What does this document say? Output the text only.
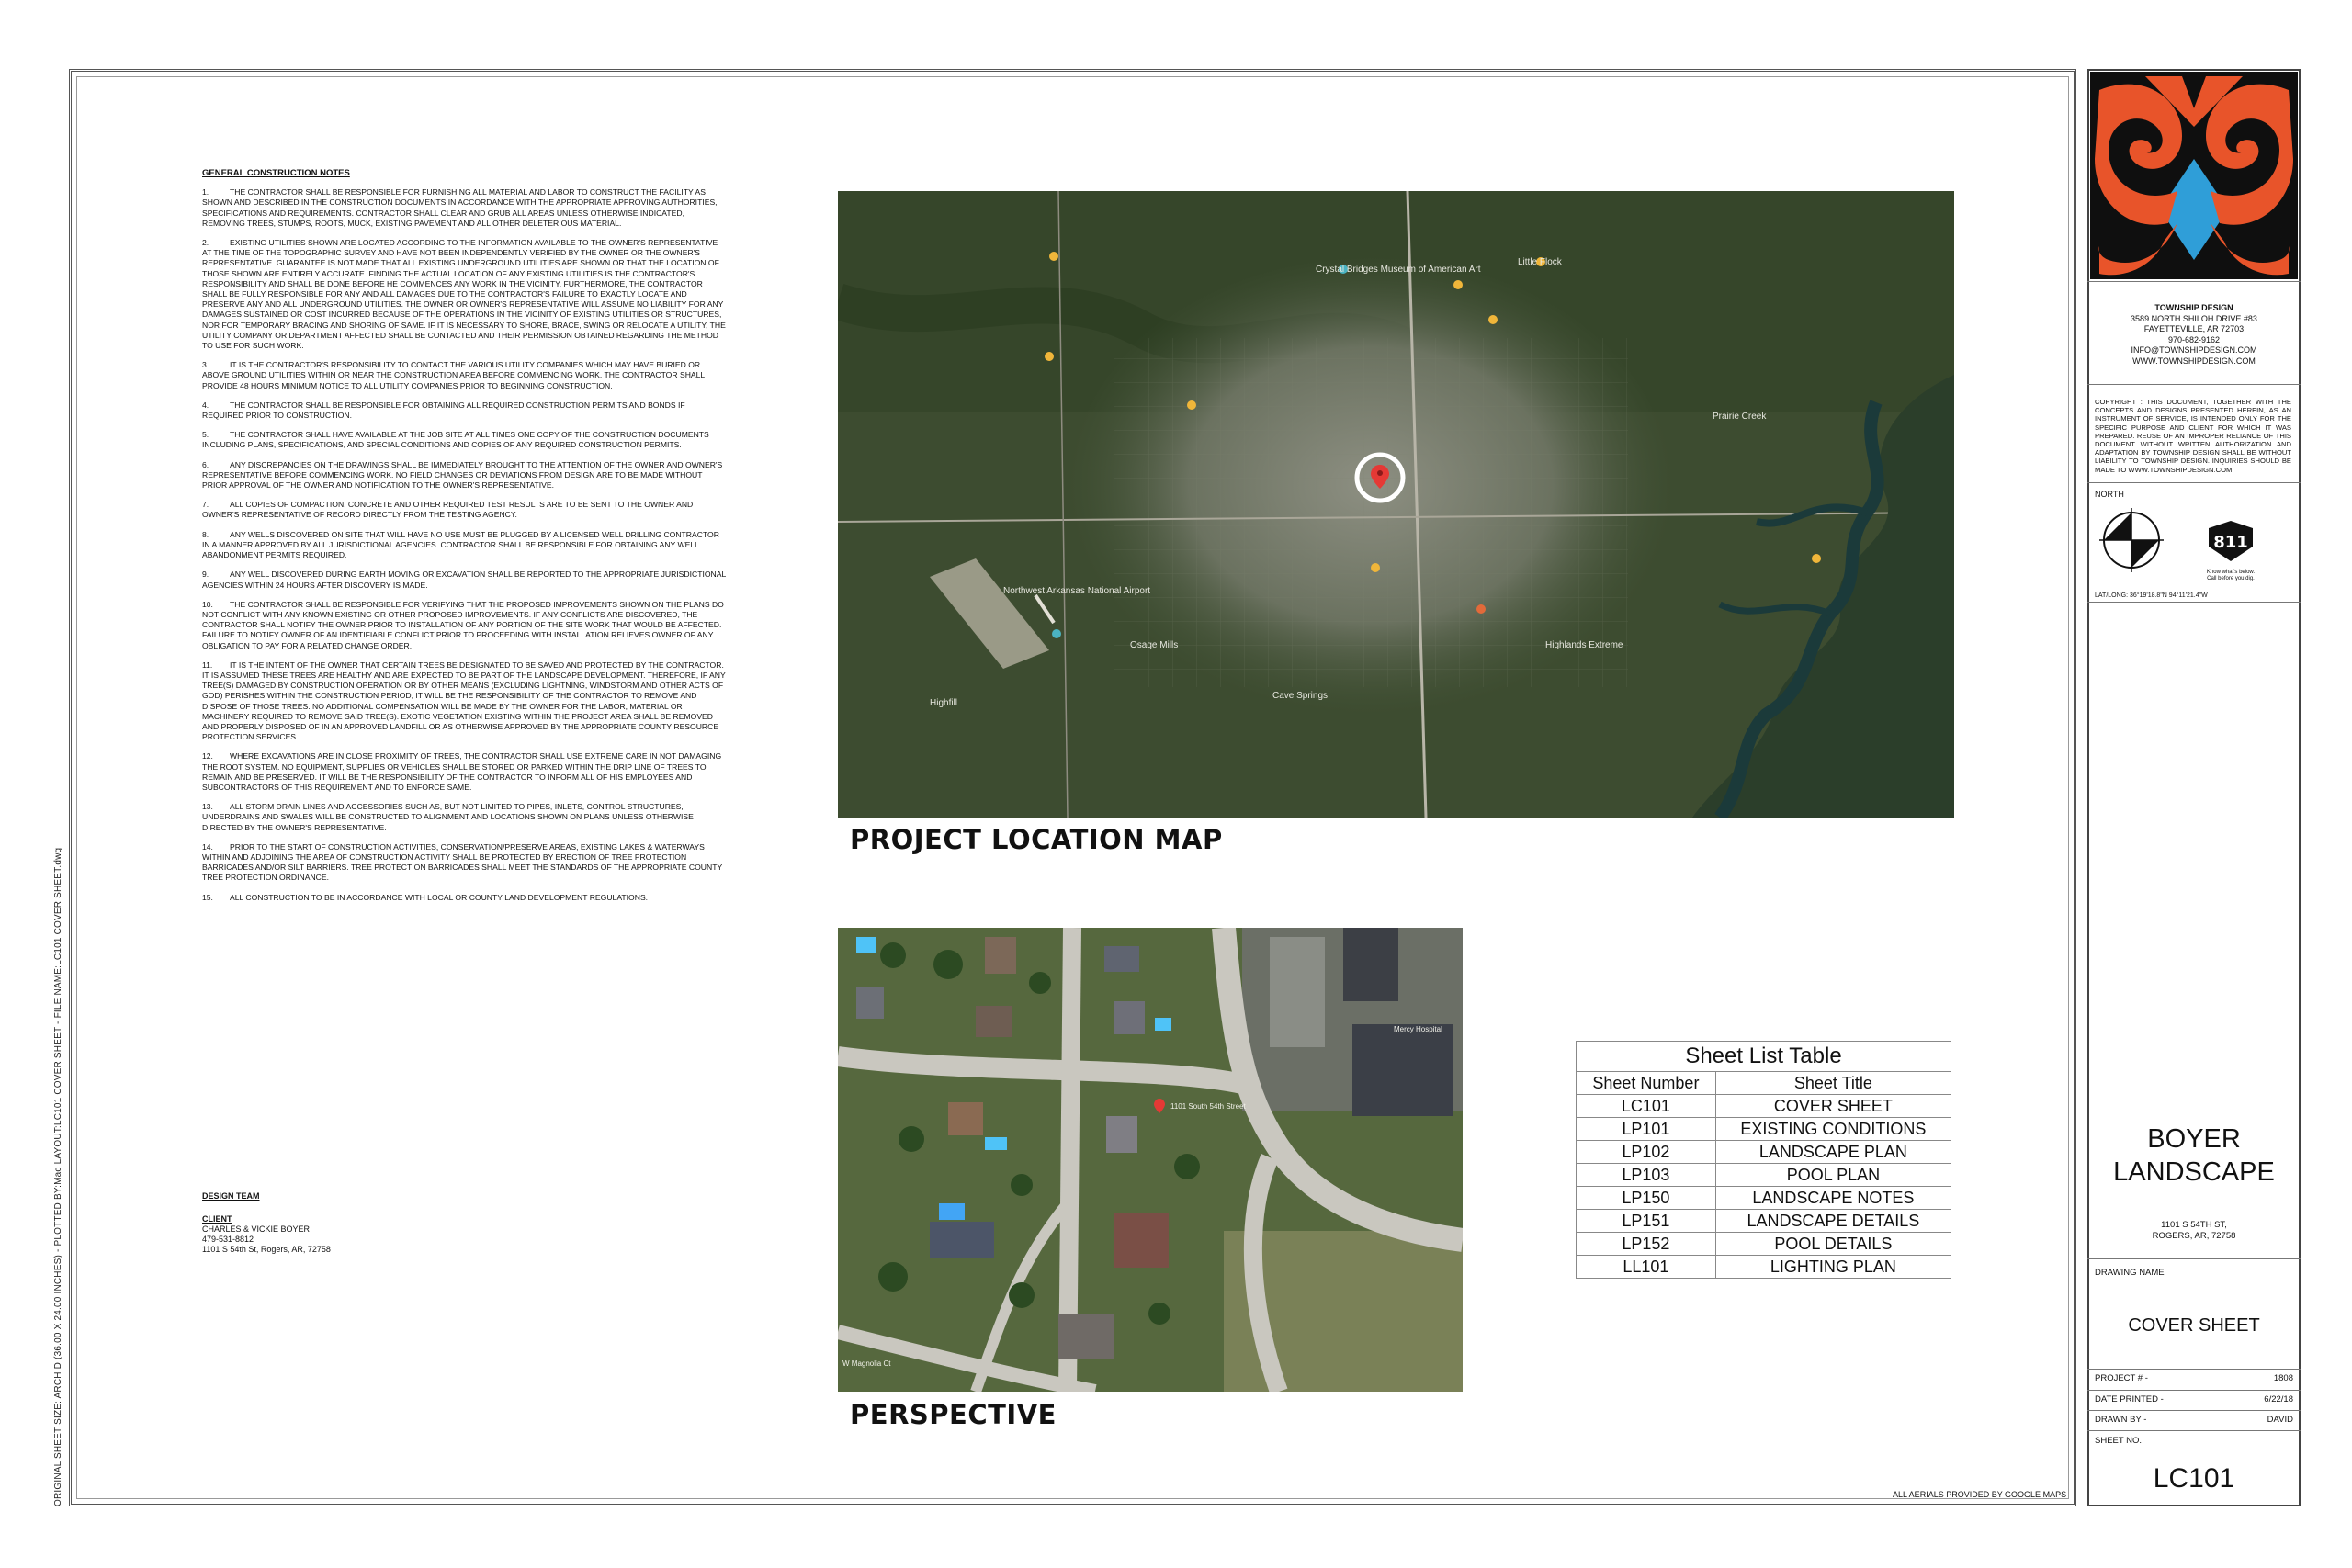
ORIGINAL SHEET SIZE: ARCH D (36.00 X 24.00 INCHES) - PLOTTED BY:Mac LAYOUT:LC101 COVER SHEET - FILE NAME:LC101 COVER SHEET.dwg
GENERAL CONSTRUCTION NOTES
1.	THE CONTRACTOR SHALL BE RESPONSIBLE FOR FURNISHING ALL MATERIAL AND LABOR TO CONSTRUCT THE FACILITY AS SHOWN AND DESCRIBED IN THE CONSTRUCTION DOCUMENTS IN ACCORDANCE WITH THE APPROPRIATE APPROVING AUTHORITIES, SPECIFICATIONS AND REQUIREMENTS. CONTRACTOR SHALL CLEAR AND GRUB ALL AREAS UNLESS OTHERWISE INDICATED, REMOVING TREES, STUMPS, ROOTS, MUCK, EXISTING PAVEMENT AND ALL OTHER DELETERIOUS MATERIAL.
2.	EXISTING UTILITIES SHOWN ARE LOCATED ACCORDING TO THE INFORMATION AVAILABLE TO THE OWNER'S REPRESENTATIVE AT THE TIME OF THE TOPOGRAPHIC SURVEY AND HAVE NOT BEEN INDEPENDENTLY VERIFIED BY THE OWNER OR THE OWNER'S REPRESENTATIVE. GUARANTEE IS NOT MADE THAT ALL EXISTING UNDERGROUND UTILITIES ARE SHOWN OR THAT THE LOCATION OF THOSE SHOWN ARE ENTIRELY ACCURATE. FINDING THE ACTUAL LOCATION OF ANY EXISTING UTILITIES IS THE CONTRACTOR'S RESPONSIBILITY AND SHALL BE DONE BEFORE HE COMMENCES ANY WORK IN THE VICINITY. FURTHERMORE, THE CONTRACTOR SHALL BE FULLY RESPONSIBLE FOR ANY AND ALL DAMAGES DUE TO THE CONTRACTOR'S FAILURE TO EXACTLY LOCATE AND PRESERVE ANY AND ALL UNDERGROUND UTILITIES. THE OWNER OR OWNER'S REPRESENTATIVE WILL ASSUME NO LIABILITY FOR ANY DAMAGES SUSTAINED OR COST INCURRED BECAUSE OF THE OPERATIONS IN THE VICINITY OF EXISTING UTILITIES OR STRUCTURES, NOR FOR TEMPORARY BRACING AND SHORING OF SAME. IF IT IS NECESSARY TO SHORE, BRACE, SWING OR RELOCATE A UTILITY, THE UTILITY COMPANY OR DEPARTMENT AFFECTED SHALL BE CONTACTED AND THEIR PERMISSION OBTAINED REGARDING THE METHOD TO USE FOR SUCH WORK.
3.	IT IS THE CONTRACTOR'S RESPONSIBILITY TO CONTACT THE VARIOUS UTILITY COMPANIES WHICH MAY HAVE BURIED OR ABOVE GROUND UTILITIES WITHIN OR NEAR THE CONSTRUCTION AREA BEFORE COMMENCING WORK. THE CONTRACTOR SHALL PROVIDE 48 HOURS MINIMUM NOTICE TO ALL UTILITY COMPANIES PRIOR TO BEGINNING CONSTRUCTION.
4.	THE CONTRACTOR SHALL BE RESPONSIBLE FOR OBTAINING ALL REQUIRED CONSTRUCTION PERMITS AND BONDS IF REQUIRED PRIOR TO CONSTRUCTION.
5.	THE CONTRACTOR SHALL HAVE AVAILABLE AT THE JOB SITE AT ALL TIMES ONE COPY OF THE CONSTRUCTION DOCUMENTS INCLUDING PLANS, SPECIFICATIONS, AND SPECIAL CONDITIONS AND COPIES OF ANY REQUIRED CONSTRUCTION PERMITS.
6.	ANY DISCREPANCIES ON THE DRAWINGS SHALL BE IMMEDIATELY BROUGHT TO THE ATTENTION OF THE OWNER AND OWNER'S REPRESENTATIVE BEFORE COMMENCING WORK. NO FIELD CHANGES OR DEVIATIONS FROM DESIGN ARE TO BE MADE WITHOUT PRIOR APPROVAL OF THE OWNER AND NOTIFICATION TO THE OWNER'S REPRESENTATIVE.
7.	ALL COPIES OF COMPACTION, CONCRETE AND OTHER REQUIRED TEST RESULTS ARE TO BE SENT TO THE OWNER AND OWNER'S REPRESENTATIVE OF RECORD DIRECTLY FROM THE TESTING AGENCY.
8.	ANY WELLS DISCOVERED ON SITE THAT WILL HAVE NO USE MUST BE PLUGGED BY A LICENSED WELL DRILLING CONTRACTOR IN A MANNER APPROVED BY ALL JURISDICTIONAL AGENCIES. CONTRACTOR SHALL BE RESPONSIBLE FOR OBTAINING ANY WELL ABANDONMENT PERMITS REQUIRED.
9.	ANY WELL DISCOVERED DURING EARTH MOVING OR EXCAVATION SHALL BE REPORTED TO THE APPROPRIATE JURISDICTIONAL AGENCIES WITHIN 24 HOURS AFTER DISCOVERY IS MADE.
10. THE CONTRACTOR SHALL BE RESPONSIBLE FOR VERIFYING THAT THE PROPOSED IMPROVEMENTS SHOWN ON THE PLANS DO NOT CONFLICT WITH ANY KNOWN EXISTING OR OTHER PROPOSED IMPROVEMENTS. IF ANY CONFLICTS ARE DISCOVERED, THE CONTRACTOR SHALL NOTIFY THE OWNER PRIOR TO INSTALLATION OF ANY PORTION OF THE SITE WORK THAT WOULD BE AFFECTED. FAILURE TO NOTIFY OWNER OF AN IDENTIFIABLE CONFLICT PRIOR TO PROCEEDING WITH INSTALLATION RELIEVES OWNER OF ANY OBLIGATION TO PAY FOR A RELATED CHANGE ORDER.
11. IT IS THE INTENT OF THE OWNER THAT CERTAIN TREES BE DESIGNATED TO BE SAVED AND PROTECTED BY THE CONTRACTOR. IT IS ASSUMED THESE TREES ARE HEALTHY AND ARE EXPECTED TO BE PART OF THE LANDSCAPE DEVELOPMENT. THEREFORE, IF ANY TREE(S) DAMAGED BY CONSTRUCTION OPERATION OR BY OTHER MEANS (EXCLUDING LIGHTNING, WINDSTORM AND OTHER ACTS OF GOD) PERISHES WITHIN THE CONSTRUCTION PERIOD, IT WILL BE THE RESPONSIBILITY OF THE CONTRACTOR TO REMOVE AND DISPOSE OF THOSE TREES. NO ADDITIONAL COMPENSATION WILL BE MADE BY THE OWNER FOR THE LABOR, MATERIAL OR MACHINERY REQUIRED TO REMOVE SAID TREE(S). EXOTIC VEGETATION EXISTING WITHIN THE PROJECT AREA SHALL BE REMOVED AND PROPERLY DISPOSED OF IN AN APPROVED LANDFILL OR AS OTHERWISE APPROVED BY THE APPROPRIATE COUNTY RESOURCE PROTECTION SERVICES.
12. WHERE EXCAVATIONS ARE IN CLOSE PROXIMITY OF TREES, THE CONTRACTOR SHALL USE EXTREME CARE IN NOT DAMAGING THE ROOT SYSTEM. NO EQUIPMENT, SUPPLIES OR VEHICLES SHALL BE STORED OR PARKED WITHIN THE DRIP LINE OF TREES TO REMAIN AND BE PRESERVED. IT WILL BE THE RESPONSIBILITY OF THE CONTRACTOR TO INFORM ALL OF HIS EMPLOYEES AND SUBCONTRACTORS OF THIS REQUIREMENT AND TO ENFORCE SAME.
13. ALL STORM DRAIN LINES AND ACCESSORIES SUCH AS, BUT NOT LIMITED TO PIPES, INLETS, CONTROL STRUCTURES, UNDERDRAINS AND SWALES WILL BE CONSTRUCTED TO ALIGNMENT AND LOCATIONS SHOWN ON PLANS UNLESS OTHERWISE DIRECTED BY THE OWNER'S REPRESENTATIVE.
14. PRIOR TO THE START OF CONSTRUCTION ACTIVITIES, CONSERVATION/PRESERVE AREAS, EXISTING LAKES & WATERWAYS WITHIN AND ADJOINING THE AREA OF CONSTRUCTION ACTIVITY SHALL BE PROTECTED BY ERECTION OF TREE PROTECTION BARRICADES AND/OR SILT BARRIERS. TREE PROTECTION BARRICADES SHALL MEET THE STANDARDS OF THE APPROPRIATE COUNTY TREE PROTECTION ORDINANCE.
15. ALL CONSTRUCTION TO BE IN ACCORDANCE WITH LOCAL OR COUNTY LAND DEVELOPMENT REGULATIONS.
DESIGN TEAM
CLIENT
CHARLES & VICKIE BOYER
479-531-8812
1101 S 54th St, Rogers, AR, 72758
Crystal Bridges Museum of American Art
Little Flock
Northwest Arkansas National Airport
Osage Mills
Cave Springs
Highfill
Prairie Creek
Highlands Extreme
PROJECT LOCATION MAP
1101 South 54th Street
Mercy Hospital
W Magnolia Ct
PERSPECTIVE
ALL AERIALS PROVIDED BY GOOGLE MAPS
Sheet List Table
Sheet Number	Sheet Title
LC101	COVER SHEET
LP101	EXISTING CONDITIONS
LP102	LANDSCAPE PLAN
LP103	POOL PLAN
LP150	LANDSCAPE NOTES
LP151	LANDSCAPE DETAILS
LP152	POOL DETAILS
LL101	LIGHTING PLAN
TOWNSHIP DESIGN
3589 NORTH SHILOH DRIVE #83
FAYETTEVILLE, AR 72703
970-682-9162
INFO@TOWNSHIPDESIGN.COM
WWW.TOWNSHIPDESIGN.COM
COPYRIGHT : THIS DOCUMENT, TOGETHER WITH THE CONCEPTS AND DESIGNS PRESENTED HEREIN, AS AN INSTRUMENT OF SERVICE, IS INTENDED ONLY FOR THE SPECIFIC PURPOSE AND CLIENT FOR WHICH IT WAS PREPARED. REUSE OF AN IMPROPER RELIANCE OF THIS DOCUMENT WITHOUT WRITTEN AUTHORIZATION AND ADAPTATION BY TOWNSHIP DESIGN SHALL BE WITHOUT LIABILITY TO TOWNSHIP DESIGN. INQUIRIES SHOULD BE MADE TO WWW.TOWNSHIPDESIGN.COM
NORTH
811
Know what's below. Call before you dig.
LAT/LONG: 36°19'18.8"N 94°11'21.4"W
BOYER
LANDSCAPE
1101 S 54TH ST,
ROGERS, AR, 72758
DRAWING NAME
COVER SHEET
PROJECT # -	1808
DATE PRINTED -	6/22/18
DRAWN BY -	DAVID
SHEET NO.
LC101
